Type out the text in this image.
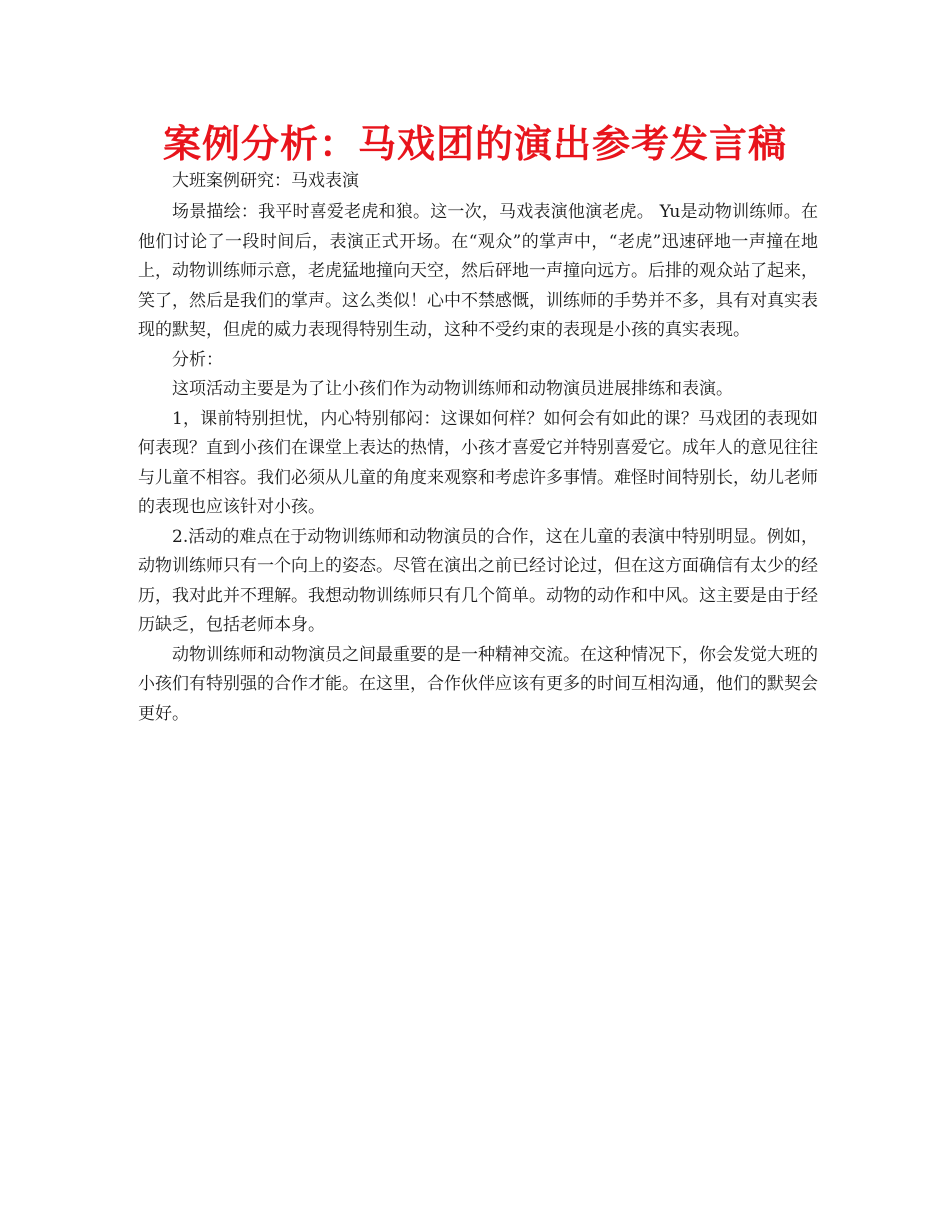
案例分析：马戏团的演出参考发言稿

大班案例研究：马戏表演

场景描绘：我平时喜爱老虎和狼。这一次，马戏表演他演老虎。 Yu是动物训练师。在他们讨论了一段时间后，表演正式开场。在“观众”的掌声中，“老虎”迅速砰地一声撞在地上，动物训练师示意，老虎猛地撞向天空，然后砰地一声撞向远方。后排的观众站了起来，笑了，然后是我们的掌声。这么类似！心中不禁感慨，训练师的手势并不多，具有对真实表现的默契，但虎的威力表现得特别生动，这种不受约束的表现是小孩的真实表现。

分析：

这项活动主要是为了让小孩们作为动物训练师和动物演员进展排练和表演。

1，课前特别担忧，内心特别郁闷：这课如何样？如何会有如此的课？马戏团的表现如何表现？直到小孩们在课堂上表达的热情，小孩才喜爱它并特别喜爱它。成年人的意见往往与儿童不相容。我们必须从儿童的角度来观察和考虑许多事情。难怪时间特别长，幼儿老师的表现也应该针对小孩。

2.活动的难点在于动物训练师和动物演员的合作，这在儿童的表演中特别明显。例如，动物训练师只有一个向上的姿态。尽管在演出之前已经讨论过，但在这方面确信有太少的经历，我对此并不理解。我想动物训练师只有几个简单。动物的动作和中风。这主要是由于经历缺乏，包括老师本身。

动物训练师和动物演员之间最重要的是一种精神交流。在这种情况下，你会发觉大班的小孩们有特别强的合作才能。在这里，合作伙伴应该有更多的时间互相沟通，他们的默契会更好。
